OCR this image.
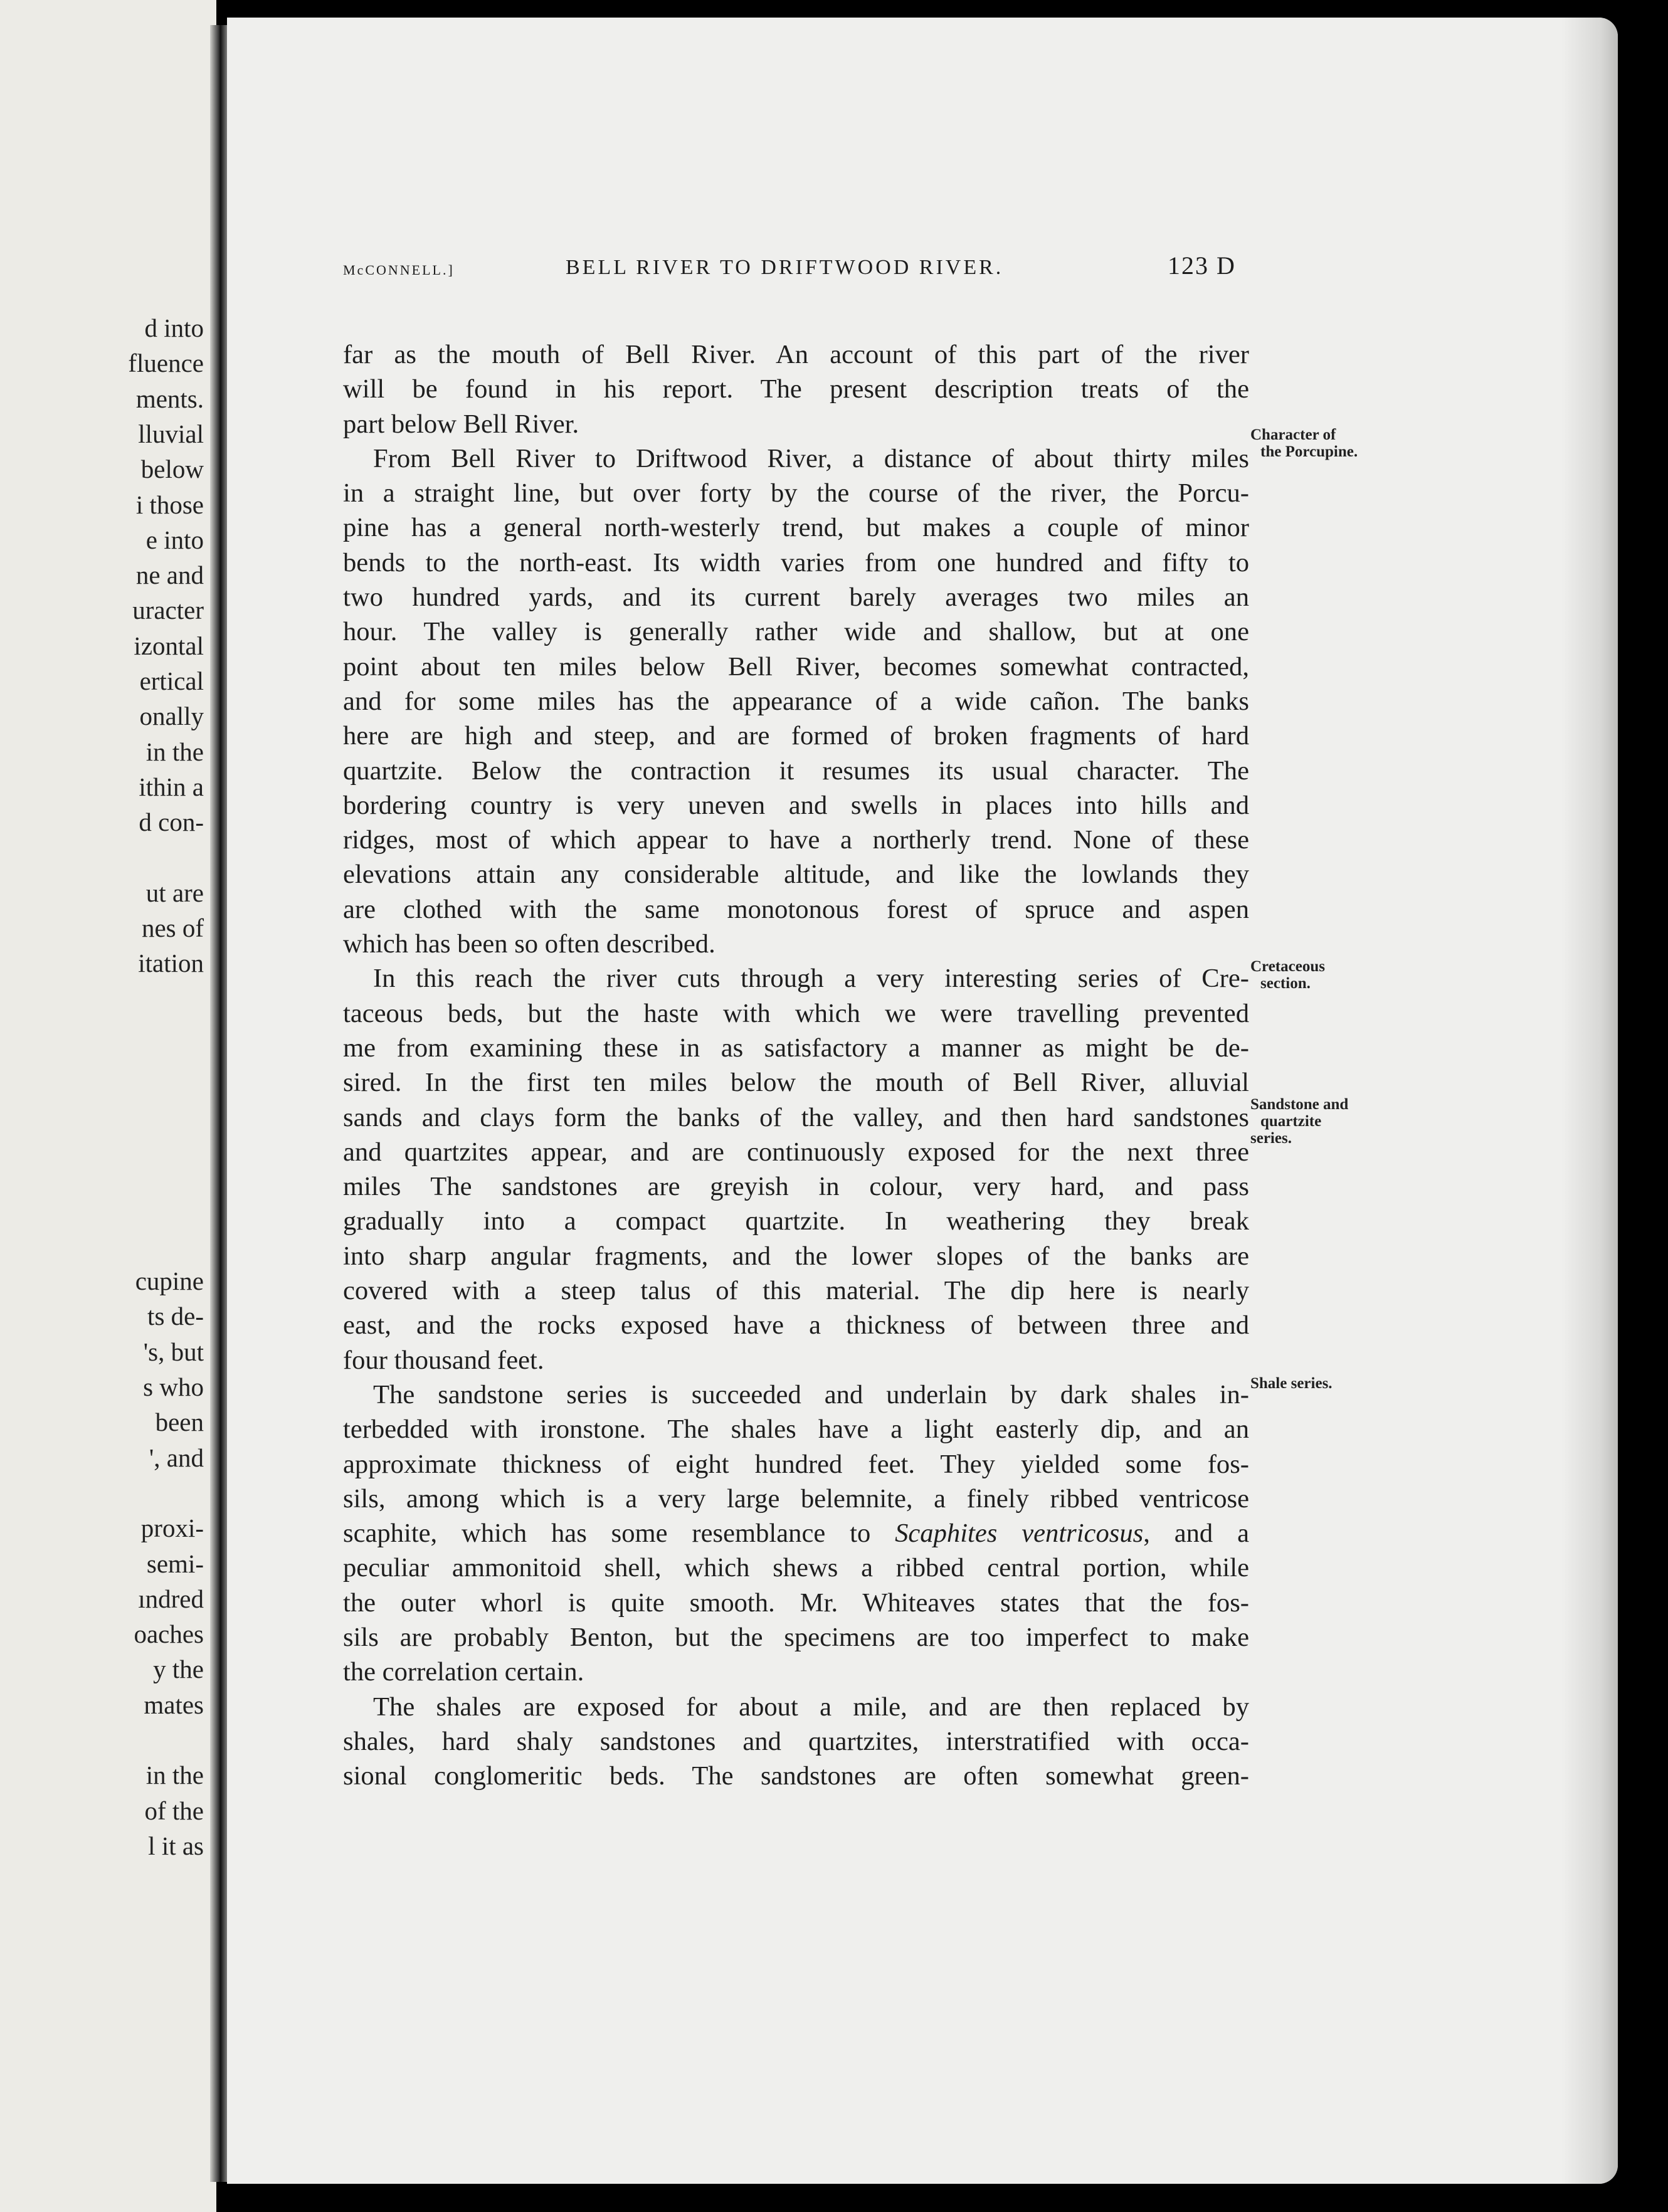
d into
fluence
ments.
lluvial
below
i those
e into
ne and
uracter
izontal
ertical
onally
in the
ithin a
d con-
ut are
nes of
itation
cupine
ts de-
's, but
s who
been
', and
proxi-
semi-
ındred
oaches
y the
mates
in the
of the
l it as
McCONNELL.]	BELL RIVER TO DRIFTWOOD RIVER.	123 D
far as the mouth of Bell River. An account of this part of the river
will be found in his report. The present description treats of the
part below Bell River.
From Bell River to Driftwood River, a distance of about thirty miles
in a straight line, but over forty by the course of the river, the Porcu-
pine has a general north-westerly trend, but makes a couple of minor
bends to the north-east. Its width varies from one hundred and fifty to
two hundred yards, and its current barely averages two miles an
hour. The valley is generally rather wide and shallow, but at one
point about ten miles below Bell River, becomes somewhat contracted,
and for some miles has the appearance of a wide cañon. The banks
here are high and steep, and are formed of broken fragments of hard
quartzite. Below the contraction it resumes its usual character. The
bordering country is very uneven and swells in places into hills and
ridges, most of which appear to have a northerly trend. None of these
elevations attain any considerable altitude, and like the lowlands they
are clothed with the same monotonous forest of spruce and aspen
which has been so often described.
In this reach the river cuts through a very interesting series of Cre-
taceous beds, but the haste with which we were travelling prevented
me from examining these in as satisfactory a manner as might be de-
sired. In the first ten miles below the mouth of Bell River, alluvial
sands and clays form the banks of the valley, and then hard sandstones
and quartzites appear, and are continuously exposed for the next three
miles The sandstones are greyish in colour, very hard, and pass
gradually into a compact quartzite. In weathering they break
into sharp angular fragments, and the lower slopes of the banks are
covered with a steep talus of this material. The dip here is nearly
east, and the rocks exposed have a thickness of between three and
four thousand feet.
The sandstone series is succeeded and underlain by dark shales in-
terbedded with ironstone. The shales have a light easterly dip, and an
approximate thickness of eight hundred feet. They yielded some fos-
sils, among which is a very large belemnite, a finely ribbed ventricose
scaphite, which has some resemblance to Scaphites ventricosus, and a
peculiar ammonitoid shell, which shews a ribbed central portion, while
the outer whorl is quite smooth. Mr. Whiteaves states that the fos-
sils are probably Benton, but the specimens are too imperfect to make
the correlation certain.
The shales are exposed for about a mile, and are then replaced by
shales, hard shaly sandstones and quartzites, interstratified with occa-
sional conglomeritic beds. The sandstones are often somewhat green-
Character of
the Porcupine.
Cretaceous
section.
Sandstone and
quartzite
series.
Shale series.
